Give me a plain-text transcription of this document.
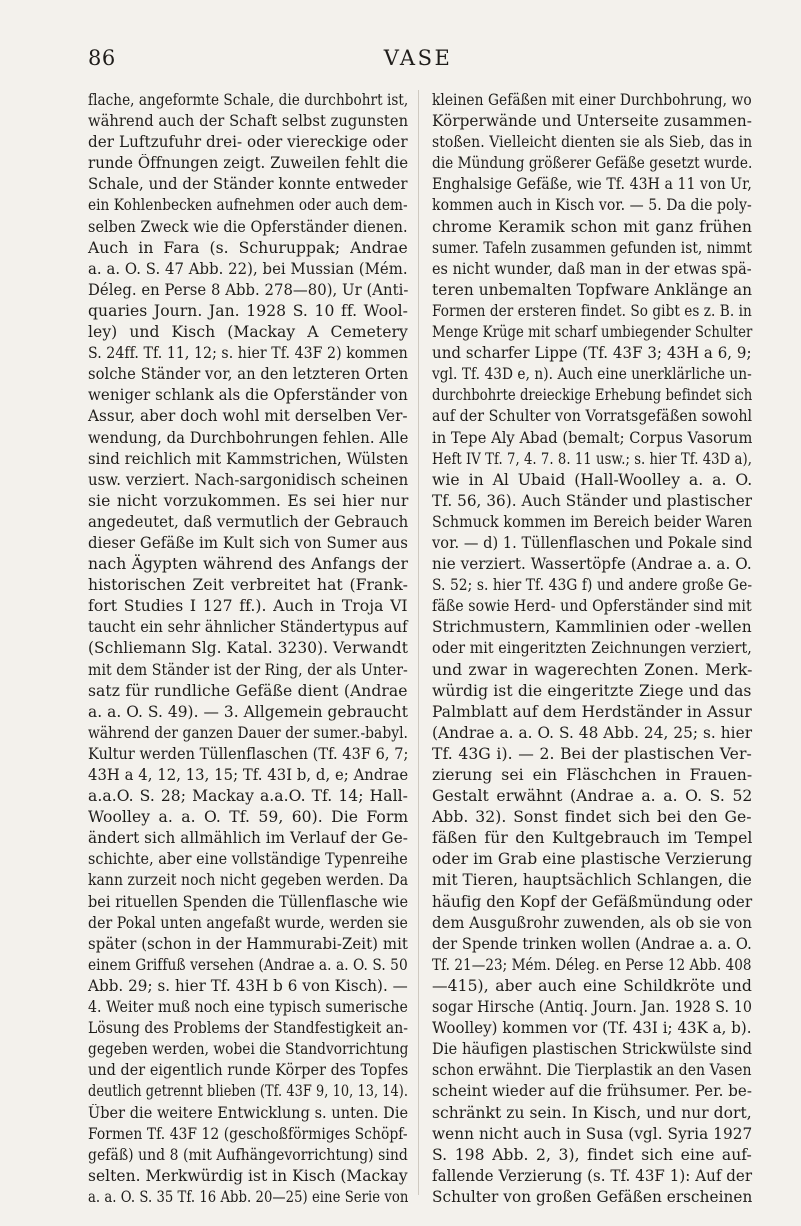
86	VASE
flache, angeformte Schale, die durchbohrt ist,
während auch der Schaft selbst zugunsten
der Luftzufuhr drei- oder viereckige oder
runde Öffnungen zeigt. Zuweilen fehlt die
Schale, und der Ständer konnte entweder
ein Kohlenbecken aufnehmen oder auch dem-
selben Zweck wie die Opferständer dienen.
Auch in Fara (s. Schuruppak; Andrae
a. a. O. S. 47 Abb. 22), bei Mussian (Mém.
Déleg. en Perse 8 Abb. 278—80), Ur (Anti-
quaries Journ. Jan. 1928 S. 10 ff. Wool-
ley) und Kisch (Mackay A Cemetery
S. 24ff. Tf. 11, 12; s. hier Tf. 43F 2) kommen
solche Ständer vor, an den letzteren Orten
weniger schlank als die Opferständer von
Assur, aber doch wohl mit derselben Ver-
wendung, da Durchbohrungen fehlen. Alle
sind reichlich mit Kammstrichen, Wülsten
usw. verziert. Nach-sargonidisch scheinen
sie nicht vorzukommen. Es sei hier nur
angedeutet, daß vermutlich der Gebrauch
dieser Gefäße im Kult sich von Sumer aus
nach Ägypten während des Anfangs der
historischen Zeit verbreitet hat (Frank-
fort Studies I 127 ff.). Auch in Troja VI
taucht ein sehr ähnlicher Ständertypus auf
(Schliemann Slg. Katal. 3230). Verwandt
mit dem Ständer ist der Ring, der als Unter-
satz für rundliche Gefäße dient (Andrae
a. a. O. S. 49). — 3. Allgemein gebraucht
während der ganzen Dauer der sumer.-babyl.
Kultur werden Tüllenflaschen (Tf. 43F 6, 7;
43H a 4, 12, 13, 15; Tf. 43I b, d, e; Andrae
a.a.O. S. 28; Mackay a.a.O. Tf. 14; Hall-
Woolley a. a. O. Tf. 59, 60). Die Form
ändert sich allmählich im Verlauf der Ge-
schichte, aber eine vollständige Typenreihe
kann zurzeit noch nicht gegeben werden. Da
bei rituellen Spenden die Tüllenflasche wie
der Pokal unten angefaßt wurde, werden sie
später (schon in der Hammurabi-Zeit) mit
einem Griffuß versehen (Andrae a. a. O. S. 50
Abb. 29; s. hier Tf. 43H b 6 von Kisch). —
4. Weiter muß noch eine typisch sumerische
Lösung des Problems der Standfestigkeit an-
gegeben werden, wobei die Standvorrichtung
und der eigentlich runde Körper des Topfes
deutlich getrennt blieben (Tf. 43F 9, 10, 13, 14).
Über die weitere Entwicklung s. unten. Die
Formen Tf. 43F 12 (geschoßförmiges Schöpf-
gefäß) und 8 (mit Aufhängevorrichtung) sind
selten. Merkwürdig ist in Kisch (Mackay
a. a. O. S. 35 Tf. 16 Abb. 20—25) eine Serie von
kleinen Gefäßen mit einer Durchbohrung, wo
Körperwände und Unterseite zusammen-
stoßen. Vielleicht dienten sie als Sieb, das in
die Mündung größerer Gefäße gesetzt wurde.
Enghalsige Gefäße, wie Tf. 43H a 11 von Ur,
kommen auch in Kisch vor. — 5. Da die poly-
chrome Keramik schon mit ganz frühen
sumer. Tafeln zusammen gefunden ist, nimmt
es nicht wunder, daß man in der etwas spä-
teren unbemalten Topfware Anklänge an
Formen der ersteren findet. So gibt es z. B. in
Menge Krüge mit scharf umbiegender Schulter
und scharfer Lippe (Tf. 43F 3; 43H a 6, 9;
vgl. Tf. 43D e, n). Auch eine unerklärliche un-
durchbohrte dreieckige Erhebung befindet sich
auf der Schulter von Vorratsgefäßen sowohl
in Tepe Aly Abad (bemalt; Corpus Vasorum
Heft IV Tf. 7, 4. 7. 8. 11 usw.; s. hier Tf. 43D a),
wie in Al Ubaid (Hall-Woolley a. a. O.
Tf. 56, 36). Auch Ständer und plastischer
Schmuck kommen im Bereich beider Waren
vor. — d) 1. Tüllenflaschen und Pokale sind
nie verziert. Wassertöpfe (Andrae a. a. O.
S. 52; s. hier Tf. 43G f) und andere große Ge-
fäße sowie Herd- und Opferständer sind mit
Strichmustern, Kammlinien oder -wellen
oder mit eingeritzten Zeichnungen verziert,
und zwar in wagerechten Zonen. Merk-
würdig ist die eingeritzte Ziege und das
Palmblatt auf dem Herdständer in Assur
(Andrae a. a. O. S. 48 Abb. 24, 25; s. hier
Tf. 43G i). — 2. Bei der plastischen Ver-
zierung sei ein Fläschchen in Frauen-
Gestalt erwähnt (Andrae a. a. O. S. 52
Abb. 32). Sonst findet sich bei den Ge-
fäßen für den Kultgebrauch im Tempel
oder im Grab eine plastische Verzierung
mit Tieren, hauptsächlich Schlangen, die
häufig den Kopf der Gefäßmündung oder
dem Ausgußrohr zuwenden, als ob sie von
der Spende trinken wollen (Andrae a. a. O.
Tf. 21—23; Mém. Déleg. en Perse 12 Abb. 408
—415), aber auch eine Schildkröte und
sogar Hirsche (Antiq. Journ. Jan. 1928 S. 10
Woolley) kommen vor (Tf. 43I i; 43K a, b).
Die häufigen plastischen Strickwülste sind
schon erwähnt. Die Tierplastik an den Vasen
scheint wieder auf die frühsumer. Per. be-
schränkt zu sein. In Kisch, und nur dort,
wenn nicht auch in Susa (vgl. Syria 1927
S. 198 Abb. 2, 3), findet sich eine auf-
fallende Verzierung (s. Tf. 43F 1): Auf der
Schulter von großen Gefäßen erscheinen
